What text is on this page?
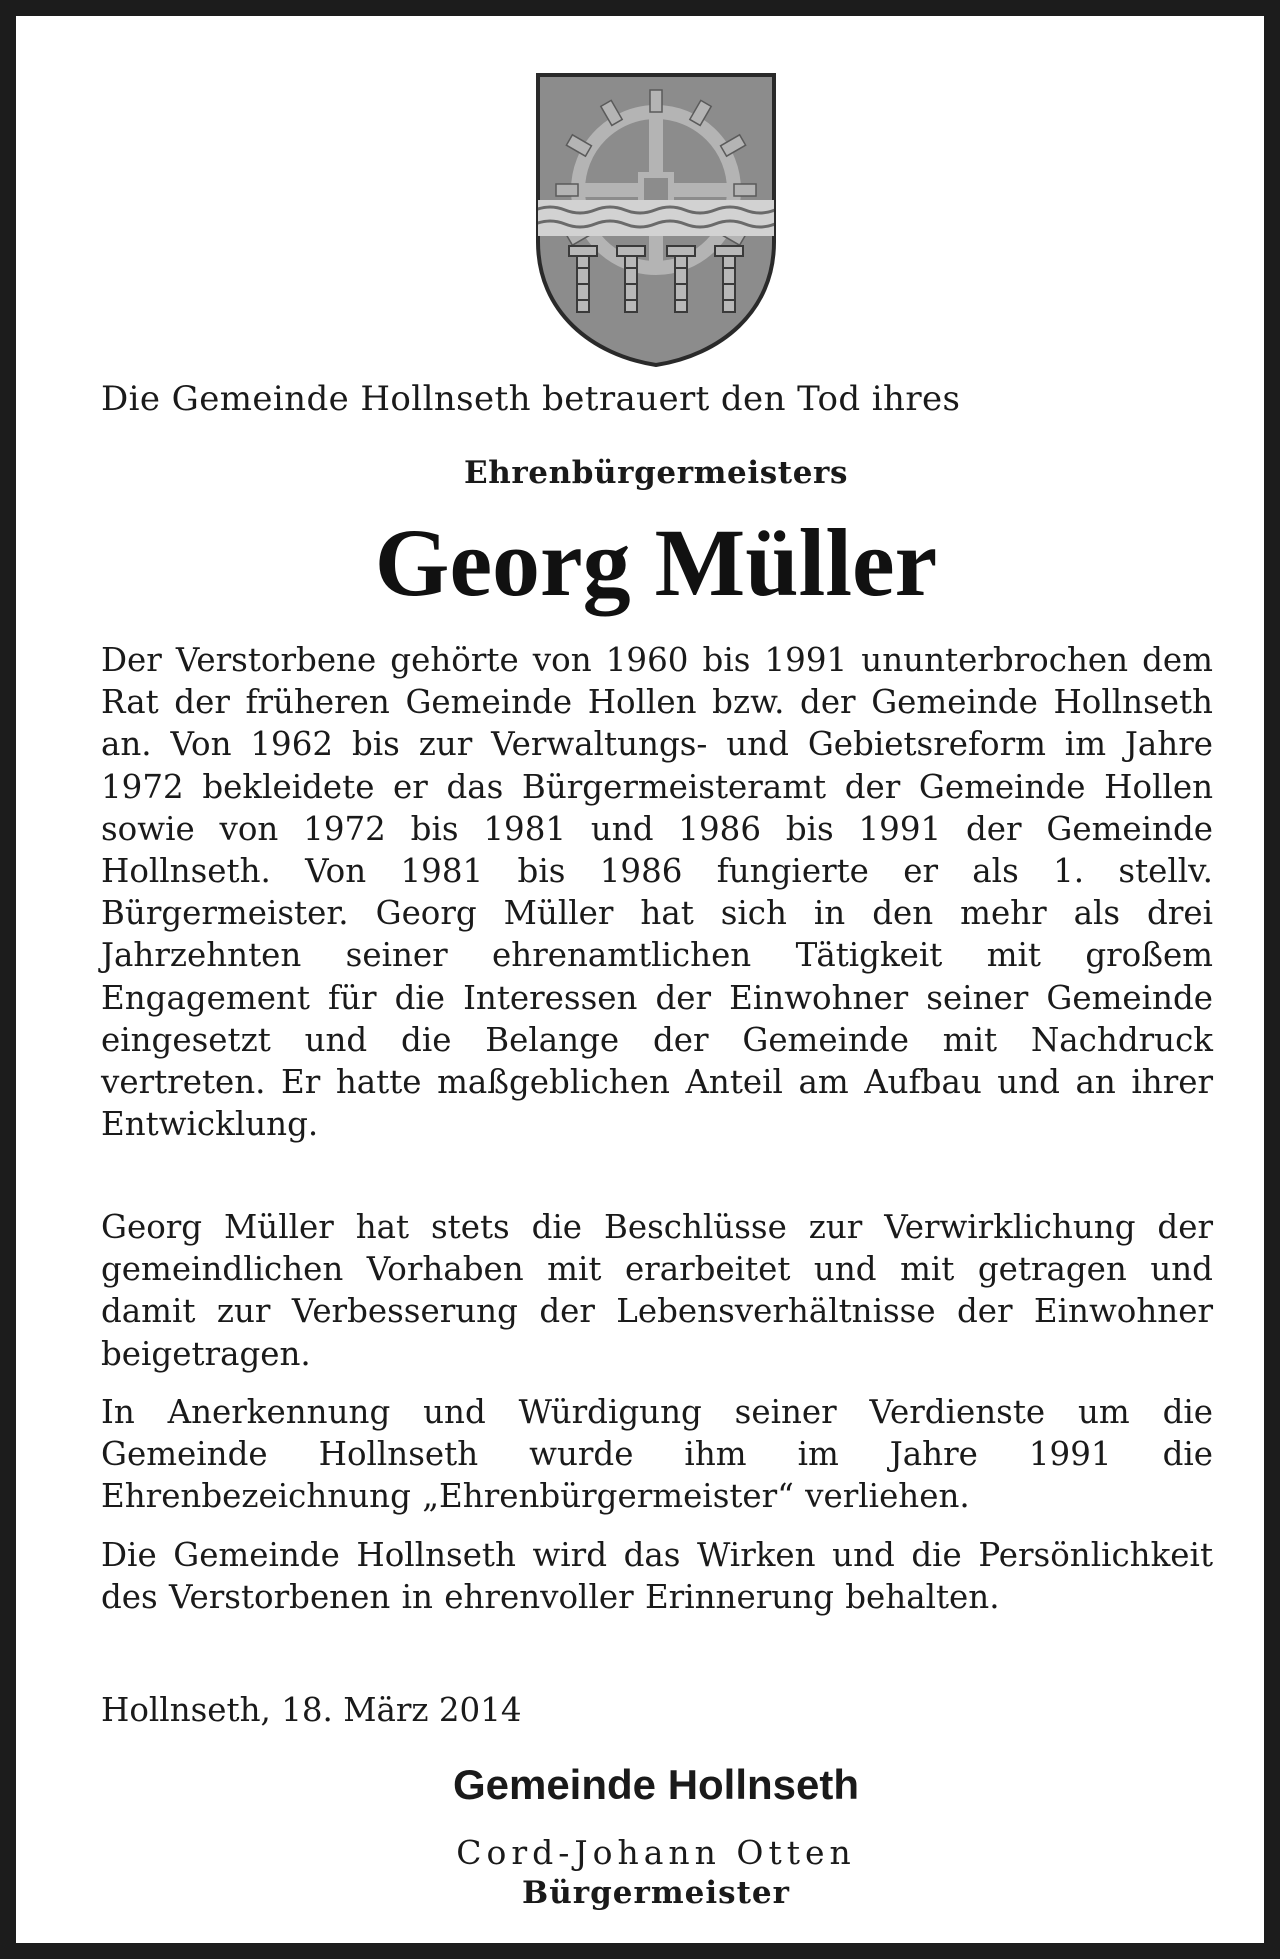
Die Gemeinde Hollnseth betrauert den Tod ihres
Ehrenbürgermeisters
Georg Müller
Der Verstorbene gehörte von 1960 bis 1991 ununterbrochen dem Rat der früheren Gemeinde Hollen bzw. der Gemeinde Hollnseth an. Von 1962 bis zur Verwaltungs- und Gebietsreform im Jahre 1972 bekleidete er das Bürgermeisteramt der Gemeinde Hollen sowie von 1972 bis 1981 und 1986 bis 1991 der Gemeinde Hollnseth. Von 1981 bis 1986 fungierte er als 1. stellv. Bürgermeister. Georg Müller hat sich in den mehr als drei Jahrzehnten seiner ehrenamtlichen Tätigkeit mit großem Engagement für die Interessen der Einwohner seiner Gemeinde eingesetzt und die Belange der Gemeinde mit Nachdruck vertreten. Er hatte maßgeblichen Anteil am Aufbau und an ihrer Entwicklung.
Georg Müller hat stets die Beschlüsse zur Verwirklichung der gemeindlichen Vorhaben mit erarbeitet und mit getragen und damit zur Verbesserung der Lebensverhältnisse der Einwohner beigetragen.
In Anerkennung und Würdigung seiner Verdienste um die Gemeinde Hollnseth wurde ihm im Jahre 1991 die Ehrenbezeichnung „Ehrenbürgermeister“ verliehen.
Die Gemeinde Hollnseth wird das Wirken und die Persönlichkeit des Verstorbenen in ehrenvoller Erinnerung behalten.
Hollnseth, 18. März 2014
Gemeinde Hollnseth
Cord-Johann Otten
Bürgermeister
